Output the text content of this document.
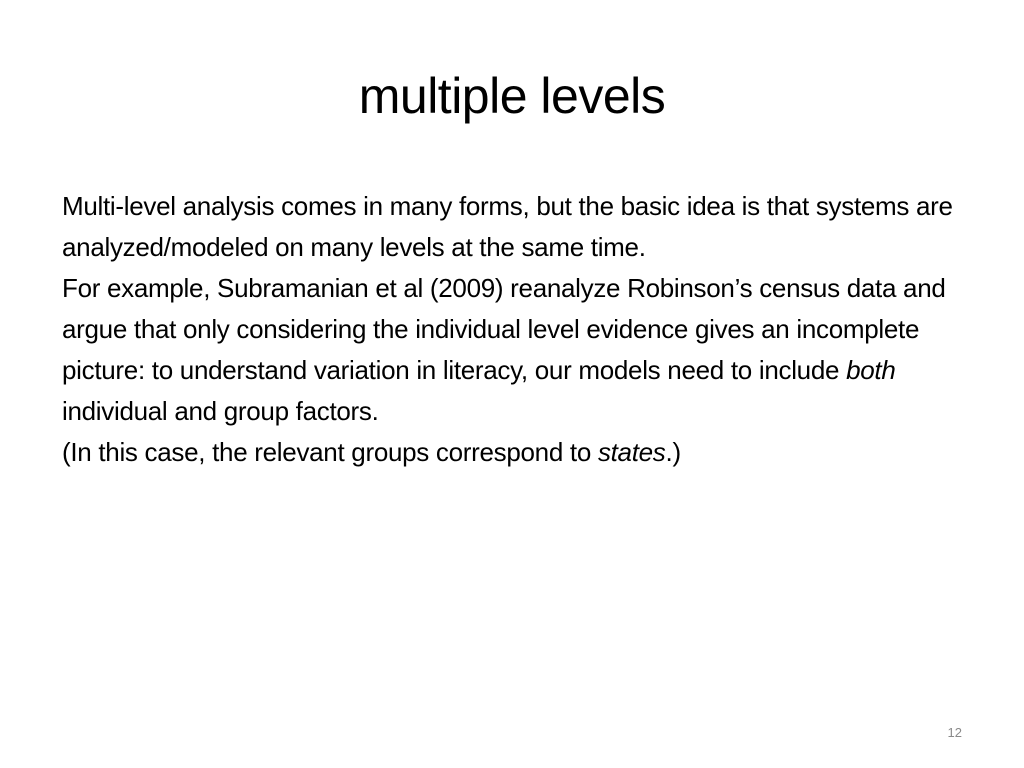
multiple levels

Multi-level analysis comes in many forms, but the basic idea is that systems are analyzed/modeled on many levels at the same time.

For example, Subramanian et al (2009) reanalyze Robinson’s census data and argue that only considering the individual level evidence gives an incomplete picture: to understand variation in literacy, our models need to include both individual and group factors.

(In this case, the relevant groups correspond to states.)

12
